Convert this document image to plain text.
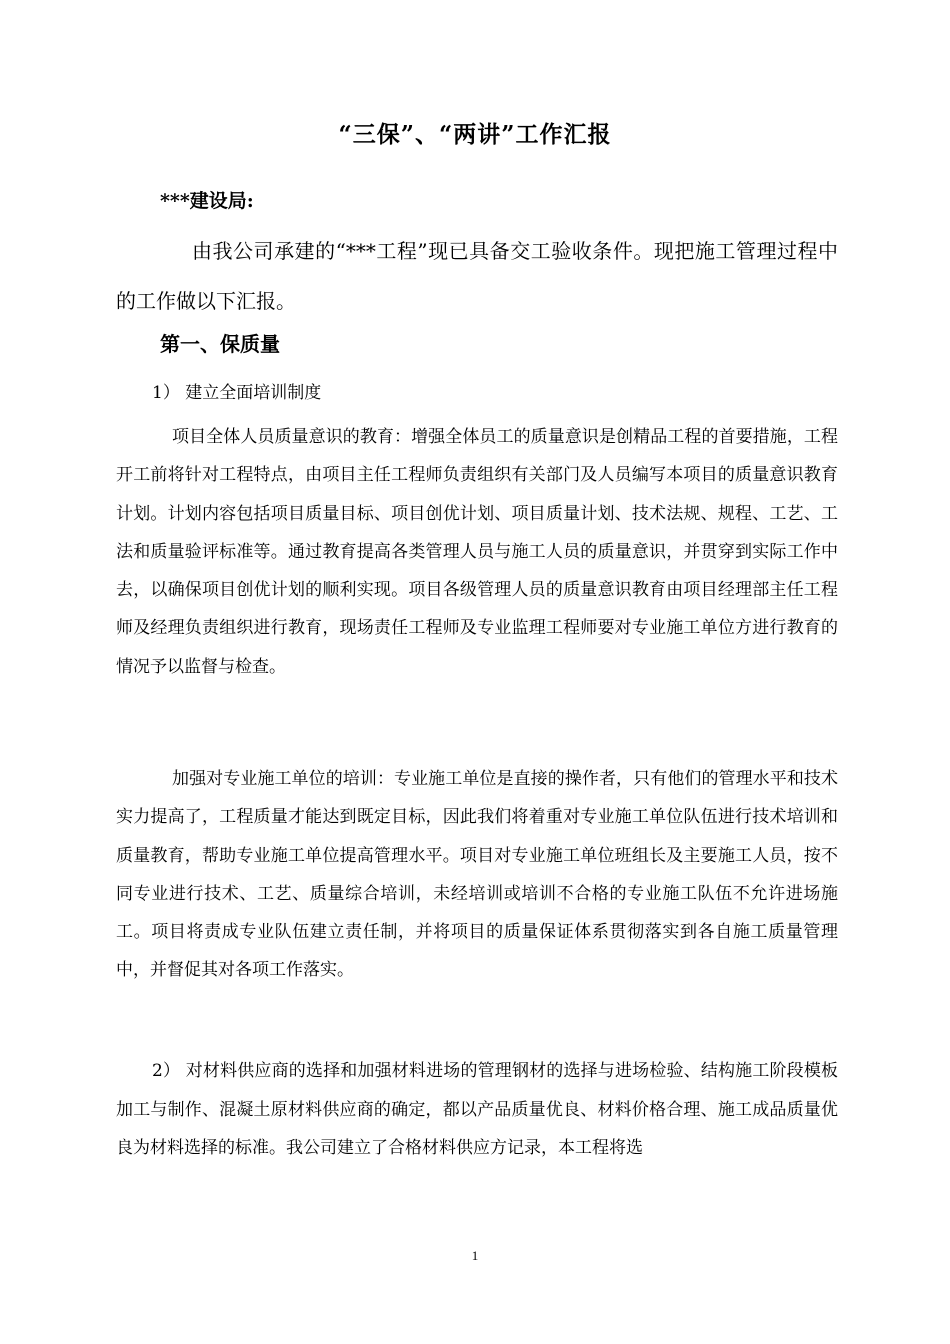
“三保”、“两讲”工作汇报
***建设局:

由我公司承建的“***工程”现已具备交工验收条件。现把施工管理过程中的工作做以下汇报。

第一、保质量
1） 建立全面培训制度

项目全体人员质量意识的教育：增强全体员工的质量意识是创精品工程的首要措施，工程开工前将针对工程特点，由项目主任工程师负责组织有关部门及人员编写本项目的质量意识教育计划。计划内容包括项目质量目标、项目创优计划、项目质量计划、技术法规、规程、工艺、工法和质量验评标准等。通过教育提高各类管理人员与施工人员的质量意识，并贯穿到实际工作中去，以确保项目创优计划的顺利实现。项目各级管理人员的质量意识教育由项目经理部主任工程师及经理负责组织进行教育，现场责任工程师及专业监理工程师要对专业施工单位方进行教育的情况予以监督与检查。

加强对专业施工单位的培训：专业施工单位是直接的操作者，只有他们的管理水平和技术实力提高了，工程质量才能达到既定目标，因此我们将着重对专业施工单位队伍进行技术培训和质量教育，帮助专业施工单位提高管理水平。项目对专业施工单位班组长及主要施工人员，按不同专业进行技术、工艺、质量综合培训，未经培训或培训不合格的专业施工队伍不允许进场施工。项目将责成专业队伍建立责任制，并将项目的质量保证体系贯彻落实到各自施工质量管理中，并督促其对各项工作落实。

2） 对材料供应商的选择和加强材料进场的管理钢材的选择与进场检验、结构施工阶段模板加工与制作、混凝土原材料供应商的确定，都以产品质量优良、材料价格合理、施工成品质量优良为材料选择的标准。我公司建立了合格材料供应方记录，本工程将选

1
